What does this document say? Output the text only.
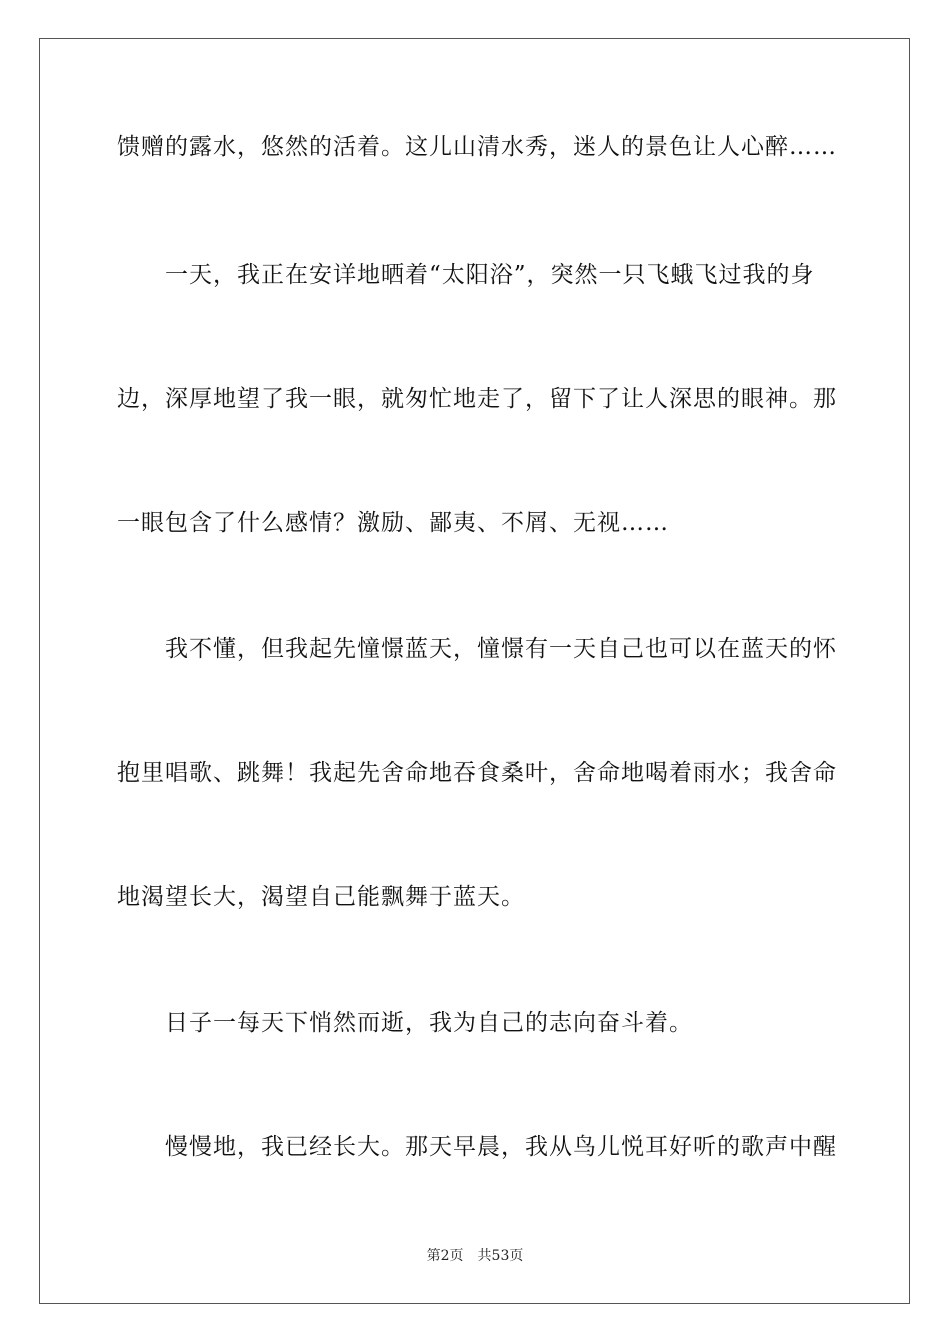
馈赠的露水，悠然的活着。这儿山清水秀，迷人的景色让人心醉……
一天，我正在安详地晒着“太阳浴”，突然一只飞蛾飞过我的身
边，深厚地望了我一眼，就匆忙地走了，留下了让人深思的眼神。那
一眼包含了什么感情？激励、鄙夷、不屑、无视……
我不懂，但我起先憧憬蓝天，憧憬有一天自己也可以在蓝天的怀
抱里唱歌、跳舞！我起先舍命地吞食桑叶，舍命地喝着雨水；我舍命
地渴望长大，渴望自己能飘舞于蓝天。
日子一每天下悄然而逝，我为自己的志向奋斗着。
慢慢地，我已经长大。那天早晨，我从鸟儿悦耳好听的歌声中醒
第2页 共53页
